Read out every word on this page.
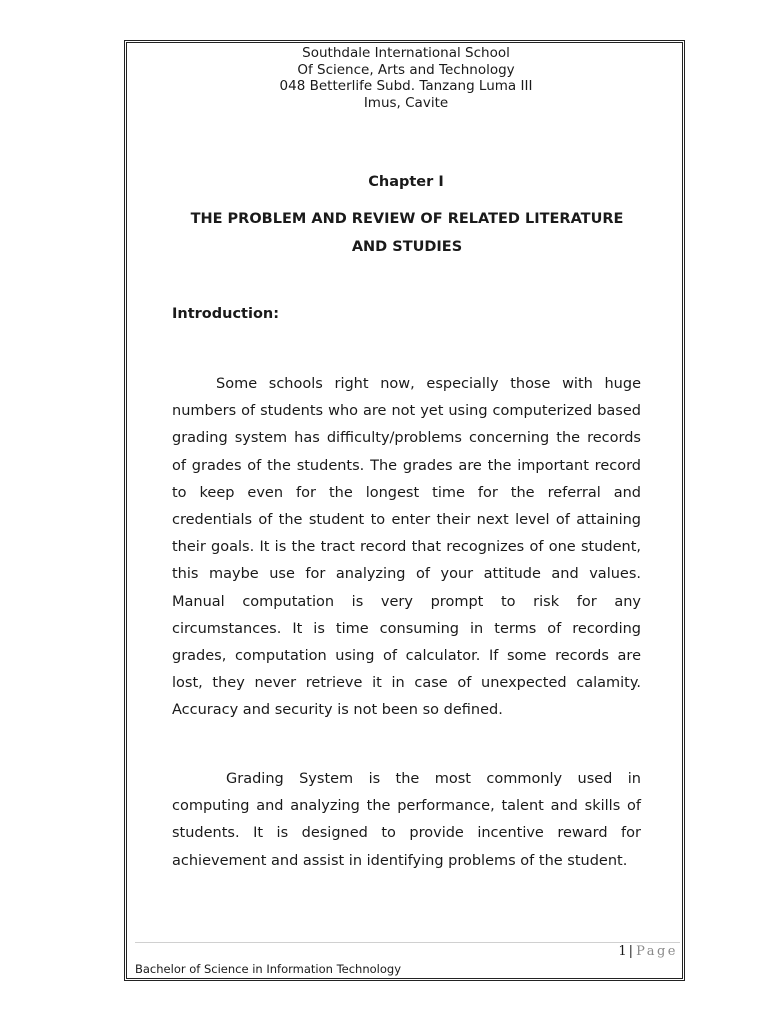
Southdale International School
Of Science, Arts and Technology
048 Betterlife Subd. Tanzang Luma III
Imus, Cavite
Chapter I
THE PROBLEM AND REVIEW OF RELATED LITERATURE AND STUDIES
Introduction:

Some schools right now, especially those with huge numbers of students who are not yet using computerized based grading system has difficulty/problems concerning the records of grades of the students. The grades are the important record to keep even for the longest time for the referral and credentials of the student to enter their next level of attaining their goals. It is the tract record that recognizes of one student, this maybe use for analyzing of your attitude and values. Manual computation is very prompt to risk for any circumstances. It is time consuming in terms of recording grades, computation using of calculator. If some records are lost, they never retrieve it in case of unexpected calamity. Accuracy and security is not been so defined.

Grading System is the most commonly used in computing and analyzing the performance, talent and skills of students. It is designed to provide incentive reward for achievement and assist in identifying problems of the student.

1 | Page
Bachelor of Science in Information Technology
